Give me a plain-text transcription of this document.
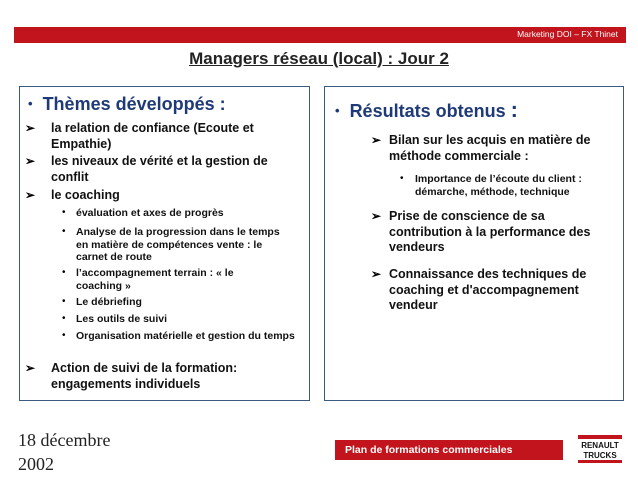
Marketing DOI – FX Thinet
Managers réseau (local) : Jour 2
• Thèmes développés :
➢ la relation de confiance (Ecoute et Empathie)
➢ les niveaux de vérité et la gestion de conflit
➢ le coaching
• évaluation et axes de progrès
• Analyse de la progression dans le temps en matière de compétences vente : le carnet de route
• l’accompagnement terrain : « le coaching »
• Le débriefing
• Les outils de suivi
• Organisation matérielle et gestion du temps
➢ Action de suivi de la formation: engagements individuels
• Résultats obtenus :
➢ Bilan sur les acquis en matière de méthode commerciale :
• Importance de l’écoute du client : démarche, méthode, technique
➢ Prise de conscience de sa contribution à la performance des vendeurs
➢ Connaissance des techniques de coaching et d'accompagnement vendeur
18 décembre 2002
Plan de formations commerciales	RENAULT
TRUCKS
